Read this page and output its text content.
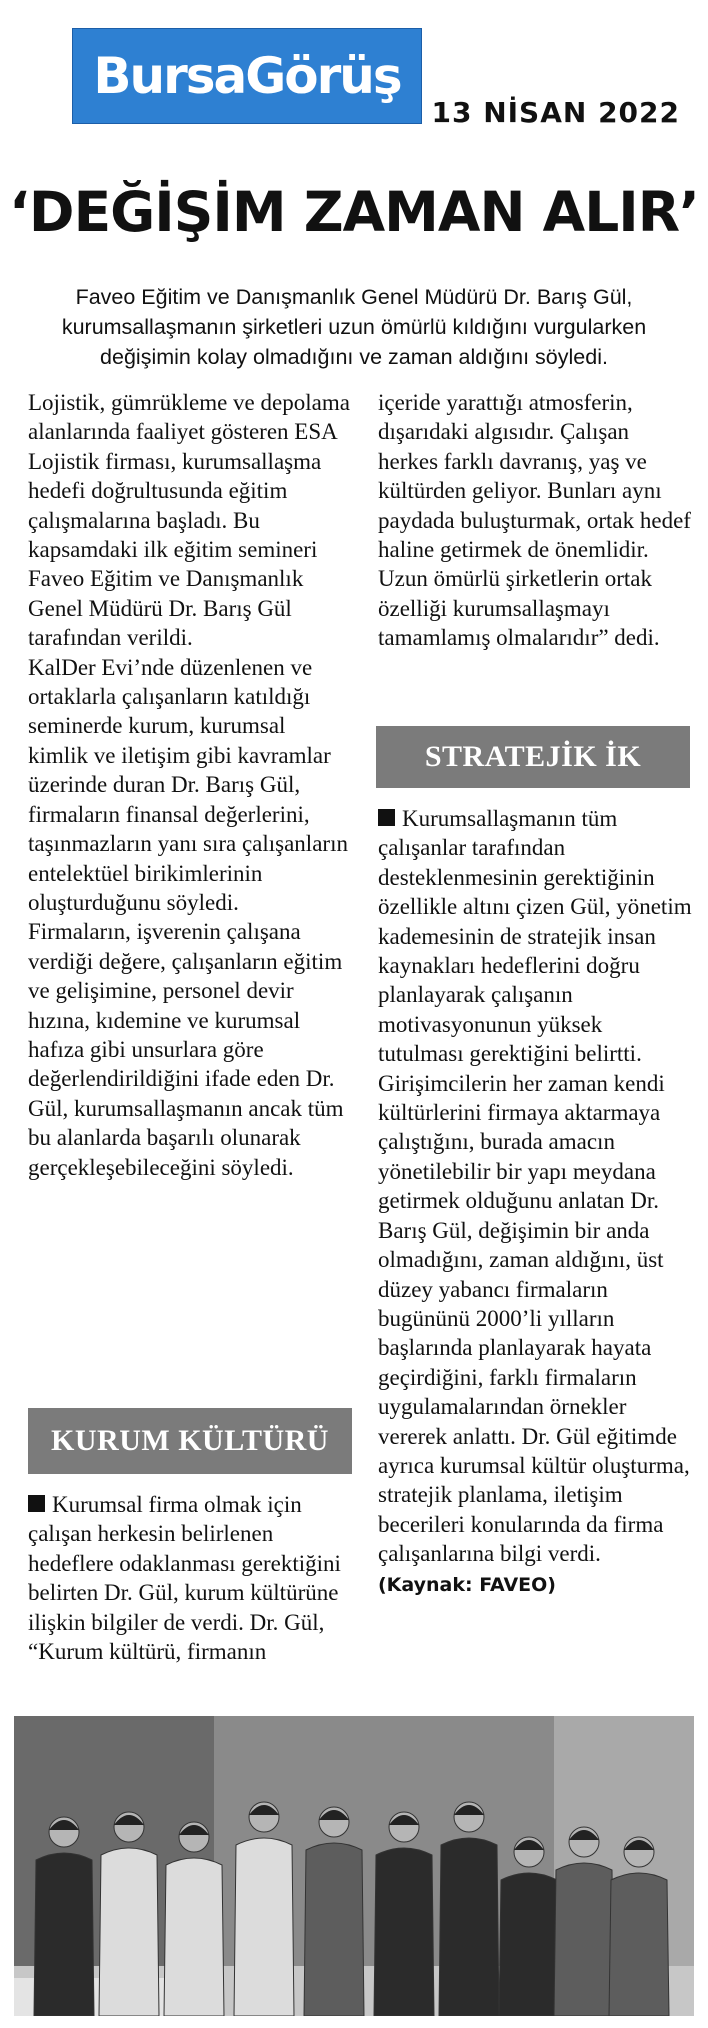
BursaGörüş
13 NİSAN 2022
‘DEĞİŞİM ZAMAN ALIR’
Faveo Eğitim ve Danışmanlık Genel Müdürü Dr. Barış Gül, kurumsallaşmanın şirketleri uzun ömürlü kıldığını vurgularken değişimin kolay olmadığını ve zaman aldığını söyledi.

Lojistik, gümrükleme ve depolama alanlarında faaliyet gösteren ESA Lojistik firması, kurumsallaşma hedefi doğrultusunda eğitim çalışmalarına başladı. Bu kapsamdaki ilk eğitim semineri Faveo Eğitim ve Danışmanlık Genel Müdürü Dr. Barış Gül tarafından verildi.

KalDer Evi’nde düzenlenen ve ortaklarla çalışanların katıldığı seminerde kurum, kurumsal kimlik ve iletişim gibi kavramlar üzerinde duran Dr. Barış Gül, firmaların finansal değerlerini, taşınmazların yanı sıra çalışanların entelektüel birikimlerinin oluşturduğunu söyledi.

Firmaların, işverenin çalışana verdiği değere, çalışanların eğitim ve gelişimine, personel devir hızına, kıdemine ve kurumsal hafıza gibi unsurlara göre değerlendirildiğini ifade eden Dr. Gül, kurumsallaşmanın ancak tüm bu alanlarda başarılı olunarak gerçekleşebileceğini söyledi.

KURUM KÜLTÜRÜ

Kurumsal firma olmak için çalışan herkesin belirlenen hedeflere odaklanması gerektiğini belirten Dr. Gül, kurum kültürüne ilişkin bilgiler de verdi. Dr. Gül, “Kurum kültürü, firmanın

içeride yarattığı atmosferin, dışarıdaki algısıdır. Çalışan herkes farklı davranış, yaş ve kültürden geliyor. Bunları aynı paydada buluşturmak, ortak hedef haline getirmek de önemlidir. Uzun ömürlü şirketlerin ortak özelliği kurumsallaşmayı tamamlamış olmalarıdır” dedi.

STRATEJİK İK

Kurumsallaşmanın tüm çalışanlar tarafından desteklenmesinin gerektiğinin özellikle altını çizen Gül, yönetim kademesinin de stratejik insan kaynakları hedeflerini doğru planlayarak çalışanın motivasyonunun yüksek tutulması gerektiğini belirtti.

Girişimcilerin her zaman kendi kültürlerini firmaya aktarmaya çalıştığını, burada amacın yönetilebilir bir yapı meydana getirmek olduğunu anlatan Dr. Barış Gül, değişimin bir anda olmadığını, zaman aldığını, üst düzey yabancı firmaların bugününü 2000’li yılların başlarında planlayarak hayata geçirdiğini, farklı firmaların uygulamalarından örnekler vererek anlattı. Dr. Gül eğitimde ayrıca kurumsal kültür oluşturma, stratejik planlama, iletişim becerileri konularında da firma çalışanlarına bilgi verdi. (Kaynak: FAVEO)
